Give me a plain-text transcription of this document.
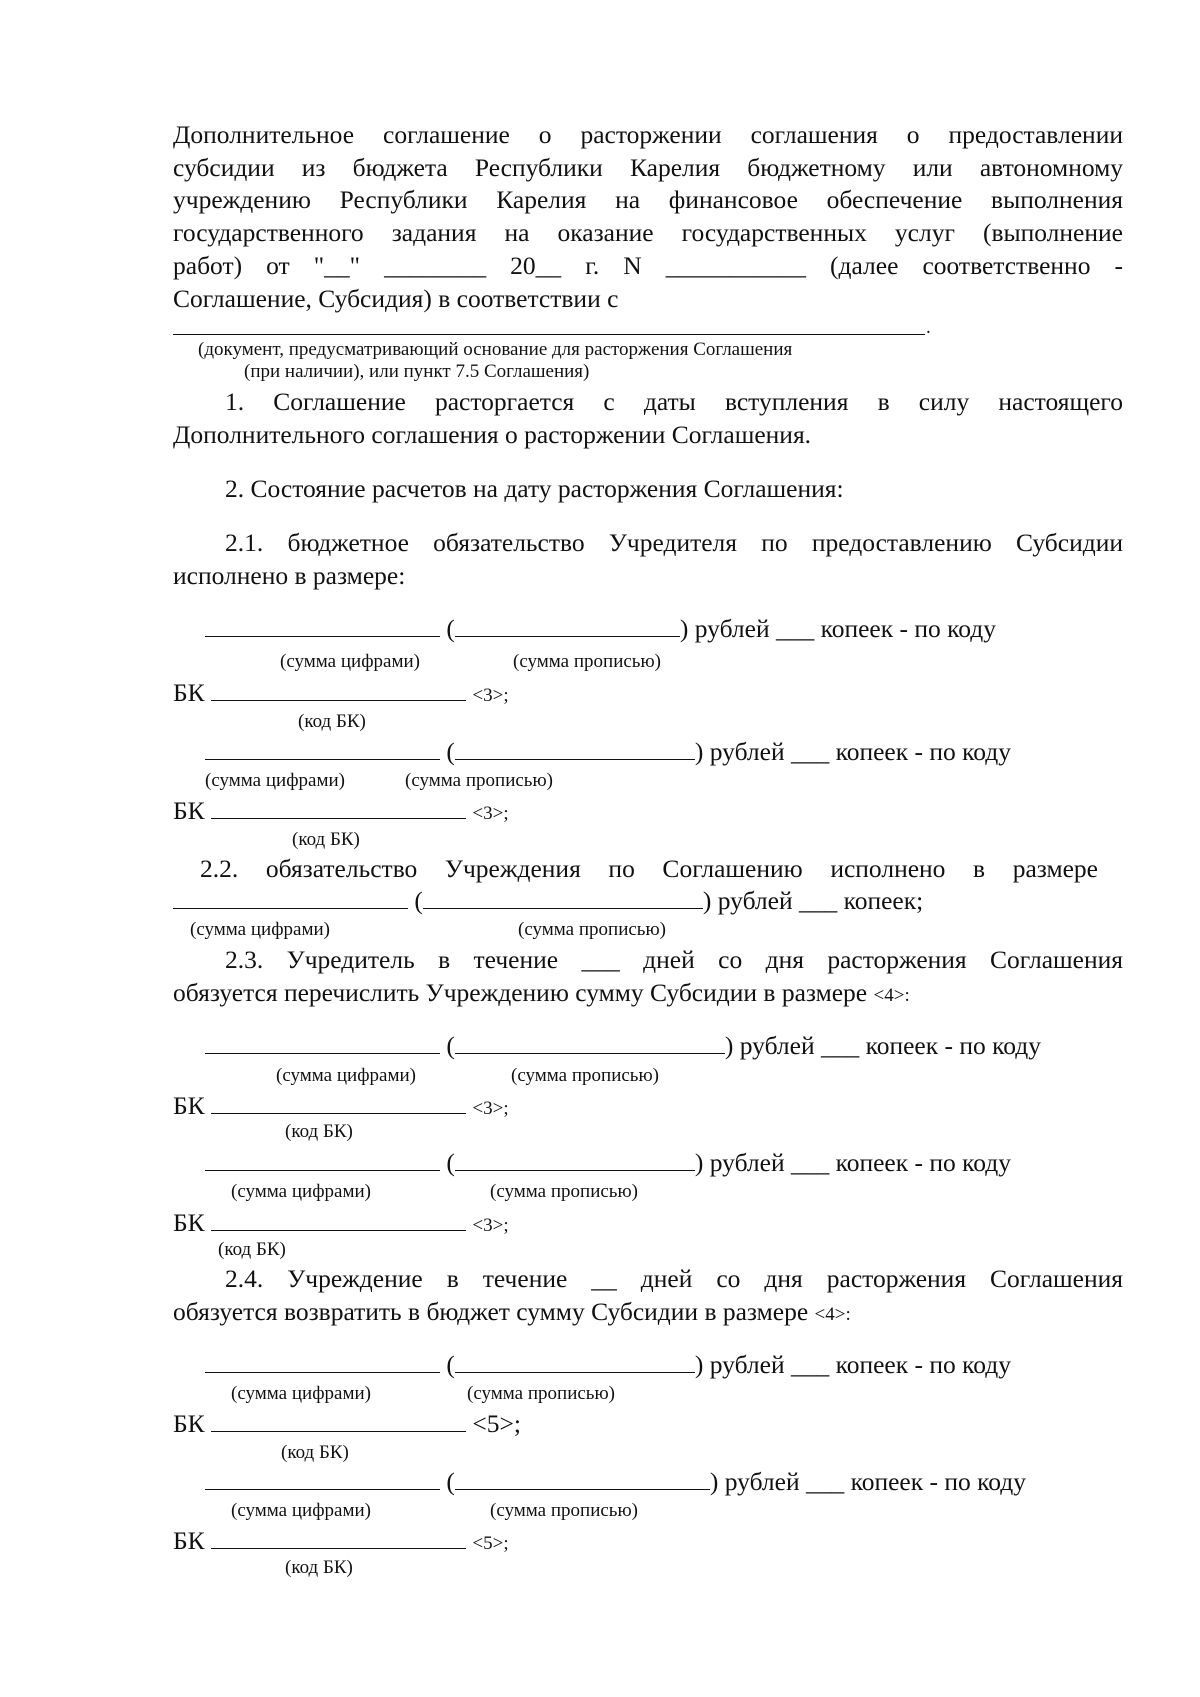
Дополнительное соглашение о расторжении соглашения о предоставлении
субсидии из бюджета Республики Карелия бюджетному или автономному
учреждению Республики Карелия на финансовое обеспечение выполнения
государственного задания на оказание государственных услуг (выполнение
работ) от "__" ________ 20__ г. N ___________ (далее соответственно -
Соглашение, Субсидия) в соответствии с
.
(документ, предусматривающий основание для расторжения Соглашения
(при наличии), или пункт 7.5 Соглашения)
1. Соглашение расторгается с даты вступления в силу настоящего
Дополнительного соглашения о расторжении Соглашения.
2. Состояние расчетов на дату расторжения Соглашения:
2.1. бюджетное обязательство Учредителя по предоставлению Субсидии
исполнено в размере:
(	) рублей ___ копеек - по коду
(сумма цифрами)	(сумма прописью)
БК	<3>;
(код БК)
(	) рублей ___ копеек - по коду
(сумма цифрами)	(сумма прописью)
БК	<3>;
(код БК)
2.2. обязательство Учреждения по Соглашению исполнено в размере
(	) рублей ___ копеек;
(сумма цифрами)	(сумма прописью)
2.3. Учредитель в течение ___ дней со дня расторжения Соглашения
обязуется перечислить Учреждению сумму Субсидии в размере <4>:
(	) рублей ___ копеек - по коду
(сумма цифрами)	(сумма прописью)
БК	<3>;
(код БК)
(	) рублей ___ копеек - по коду
(сумма цифрами)	(сумма прописью)
БК	<3>;
(код БК)
2.4. Учреждение в течение __ дней со дня расторжения Соглашения
обязуется возвратить в бюджет сумму Субсидии в размере <4>:
(	) рублей ___ копеек - по коду
(сумма цифрами)	(сумма прописью)
БК	<5>;
(код БК)
(	) рублей ___ копеек - по коду
(сумма цифрами)	(сумма прописью)
БК	<5>;
(код БК)
